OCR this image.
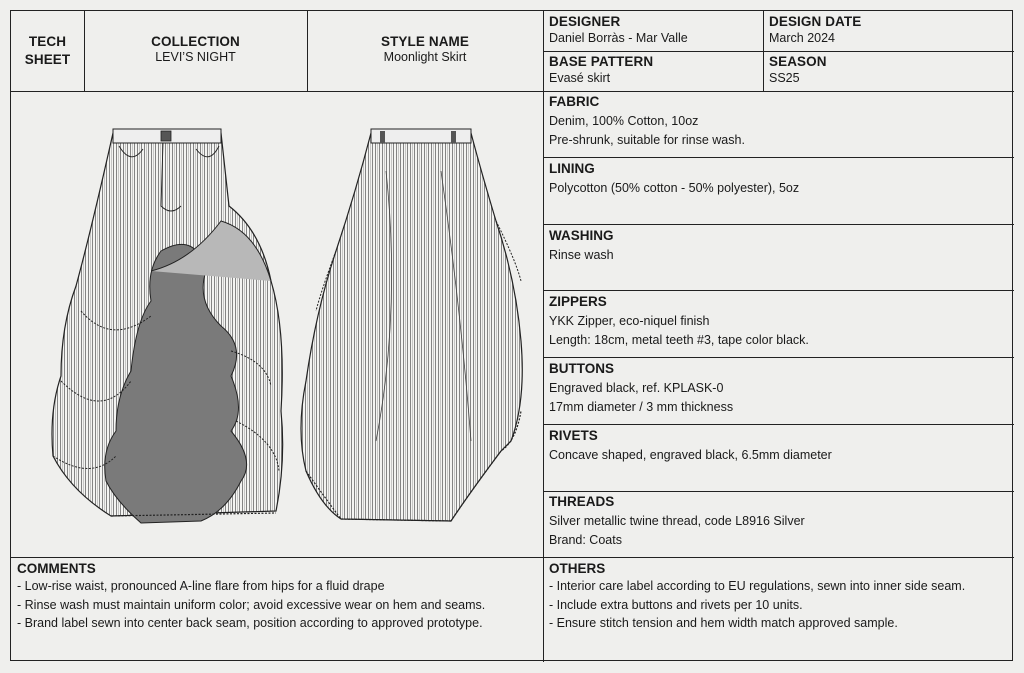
TECH
SHEET
COLLECTION
LEVI’S NIGHT
STYLE NAME
Moonlight Skirt
DESIGNER
Daniel Borràs - Mar Valle
DESIGN DATE
March 2024
BASE PATTERN
Evasé skirt
SEASON
SS25
FABRIC
Denim, 100% Cotton, 10oz
Pre-shrunk, suitable for rinse wash.
LINING
Polycotton (50% cotton - 50% polyester), 5oz
WASHING
Rinse wash
ZIPPERS
YKK Zipper, eco-niquel finish
Length: 18cm, metal teeth #3, tape color black.
BUTTONS
Engraved black, ref. KPLASK-0
17mm diameter / 3 mm thickness
RIVETS
Concave shaped, engraved black, 6.5mm diameter
THREADS
Silver metallic twine thread, code L8916 Silver
Brand: Coats
COMMENTS
- Low-rise waist, pronounced A-line flare from hips for a fluid drape
- Rinse wash must maintain uniform color; avoid excessive wear on hem and seams.
- Brand label sewn into center back seam, position according to approved prototype.
OTHERS
- Interior care label according to EU regulations, sewn into inner side seam.
- Include extra buttons and rivets per 10 units.
- Ensure stitch tension and hem width match approved sample.
